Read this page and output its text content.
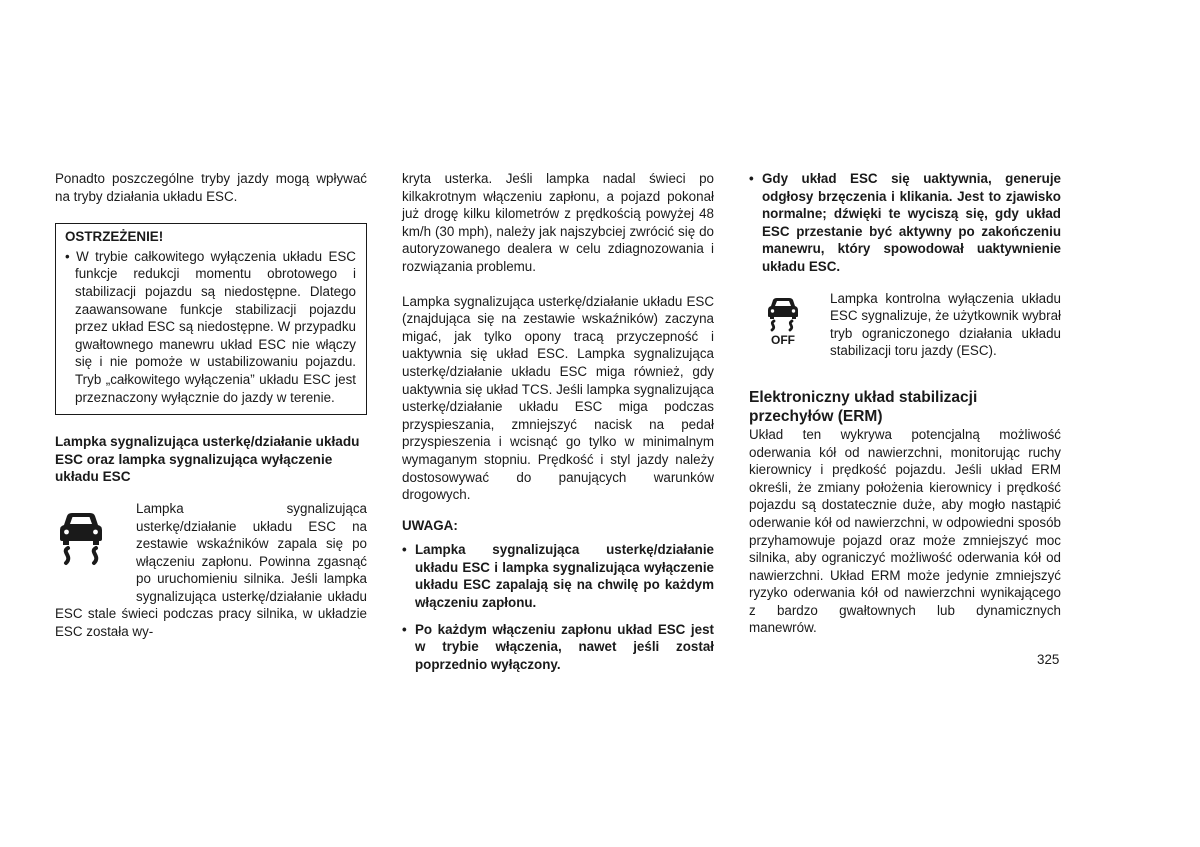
Ponadto poszczególne tryby jazdy mogą wpływać na tryby działania układu ESC.

OSTRZEŻENIE!
• W trybie całkowitego wyłączenia układu ESC funkcje redukcji momentu obrotowego i stabilizacji pojazdu są niedostępne. Dlatego zaawansowane funkcje stabilizacji pojazdu przez układ ESC są niedostępne. W przypadku gwałtownego manewru układ ESC nie włączy się i nie pomoże w ustabilizowaniu pojazdu. Tryb „całkowitego wyłączenia” układu ESC jest przeznaczony wyłącznie do jazdy w terenie.
Lampka sygnalizująca usterkę/działanie układu ESC oraz lampka sygnalizująca wyłączenie układu ESC

Lampka sygnalizująca usterkę/działanie układu ESC na zestawie wskaźników zapala się po włączeniu zapłonu. Powinna zgasnąć po uruchomieniu silnika. Jeśli lampka sygnalizująca usterkę/działanie układu ESC stale świeci podczas pracy silnika, w układzie ESC została wy-

kryta usterka. Jeśli lampka nadal świeci po kilkakrotnym włączeniu zapłonu, a pojazd pokonał już drogę kilku kilometrów z prędkością powyżej 48 km/h (30 mph), należy jak najszybciej zwrócić się do autoryzowanego dealera w celu zdiagnozowania i rozwiązania problemu.

Lampka sygnalizująca usterkę/działanie układu ESC (znajdująca się na zestawie wskaźników) zaczyna migać, jak tylko opony tracą przyczepność i uaktywnia się układ ESC. Lampka sygnalizująca usterkę/działanie układu ESC miga również, gdy uaktywnia się układ TCS. Jeśli lampka sygnalizująca usterkę/działanie układu ESC miga podczas przyspieszania, zmniejszyć nacisk na pedał przyspieszenia i wcisnąć go tylko w minimalnym wymaganym stopniu. Prędkość i styl jazdy należy dostosowywać do panujących warunków drogowych.

UWAGA:
• Lampka sygnalizująca usterkę/działanie układu ESC i lampka sygnalizująca wyłączenie układu ESC zapalają się na chwilę po każdym włączeniu zapłonu.
• Po każdym włączeniu zapłonu układ ESC jest w trybie włączenia, nawet jeśli został poprzednio wyłączony.
• Gdy układ ESC się uaktywnia, generuje odgłosy brzęczenia i klikania. Jest to zjawisko normalne; dźwięki te wyciszą się, gdy układ ESC przestanie być aktywny po zakończeniu manewru, który spowodował uaktywnienie układu ESC.
OFF

Lampka kontrolna wyłączenia układu ESC sygnalizuje, że użytkownik wybrał tryb ograniczonego działania układu stabilizacji toru jazdy (ESC).

Elektroniczny układ stabilizacji przechyłów (ERM)

Układ ten wykrywa potencjalną możliwość oderwania kół od nawierzchni, monitorując ruchy kierownicy i prędkość pojazdu. Jeśli układ ERM określi, że zmiany położenia kierownicy i prędkość pojazdu są dostatecznie duże, aby mogło nastąpić oderwanie kół od nawierzchni, w odpowiedni sposób przyhamowuje pojazd oraz może zmniejszyć moc silnika, aby ograniczyć możliwość oderwania kół od nawierzchni. Układ ERM może jedynie zmniejszyć ryzyko oderwania kół od nawierzchni wynikającego z bardzo gwałtownych lub dynamicznych manewrów.

325
